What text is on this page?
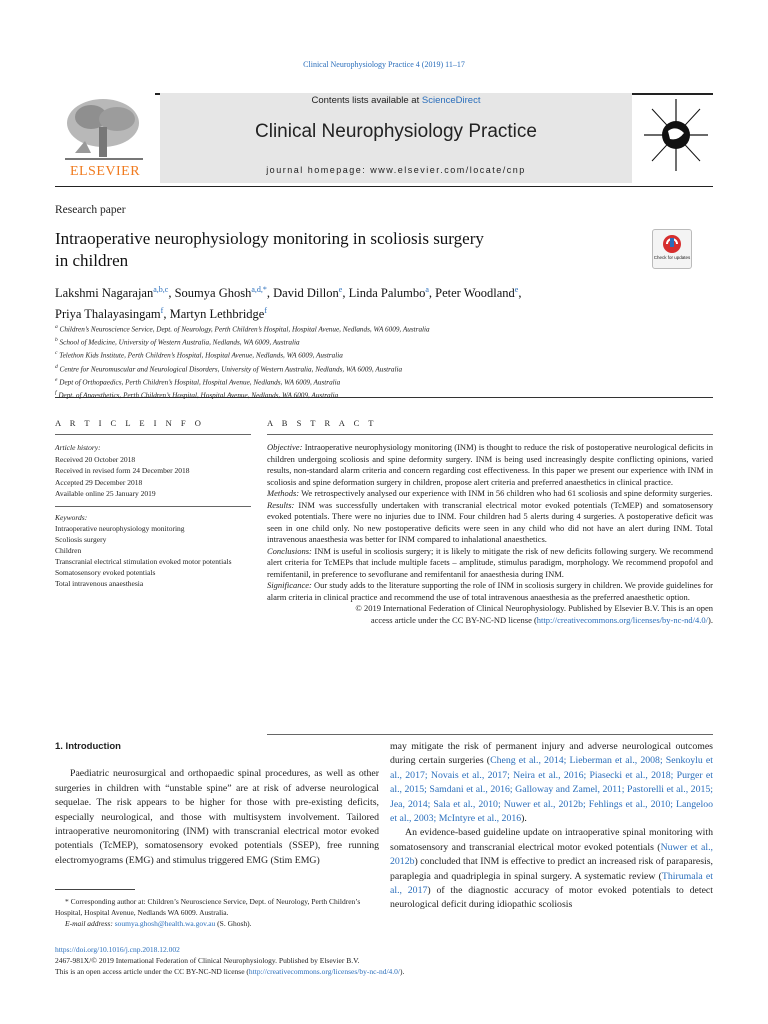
Clinical Neurophysiology Practice 4 (2019) 11–17
ELSEVIER
Contents lists available at ScienceDirect
Clinical Neurophysiology Practice
journal homepage: www.elsevier.com/locate/cnp
Research paper
Intraoperative neurophysiology monitoring in scoliosis surgery
in children	Check for updates
Lakshmi Nagarajan$^{a,b,c}$, Soumya Ghosh$^{a,d,*}$, David Dillon$^e$, Linda Palumbo$^a$, Peter Woodland$^e$,
Priya Thalayasingam$^f$, Martyn Lethbridge$^f$
$^a$ Children’s Neuroscience Service, Dept. of Neurology, Perth Children’s Hospital, Hospital Avenue, Nedlands, WA 6009, Australia
$^b$ School of Medicine, University of Western Australia, Nedlands, WA 6009, Australia
$^c$ Telethon Kids Institute, Perth Children’s Hospital, Hospital Avenue, Nedlands, WA 6009, Australia
$^d$ Centre for Neuromuscular and Neurological Disorders, University of Western Australia, Nedlands, WA 6009, Australia
$^e$ Dept of Orthopaedics, Perth Children’s Hospital, Hospital Avenue, Nedlands, WA 6009, Australia
$^f$ Dept. of Anaesthetics, Perth Children’s Hospital, Hospital Avenue, Nedlands, WA 6009, Australia
A R T I C L E I N F O	A B S T R A C T
Article history:
Received 20 October 2018
Received in revised form 24 December 2018
Accepted 29 December 2018
Available online 25 January 2019
Keywords:
Intraoperative neurophysiology monitoring
Scoliosis surgery
Children
Transcranial electrical stimulation evoked motor potentials
Somatosensory evoked potentials
Total intravenous anaesthesia

Objective: Intraoperative neurophysiology monitoring (INM) is thought to reduce the risk of postoperative neurological deficits in children undergoing scoliosis and spine deformity surgery. INM is being used increasingly despite conflicting opinions, varied results, non-standard alarm criteria and concern regarding cost effectiveness. In this paper we present our experience with INM in scoliosis and spine deformation surgery in children, propose alert criteria and preferred anaesthetics in clinical practice.

Methods: We retrospectively analysed our experience with INM in 56 children who had 61 scoliosis and spine deformity surgeries.

Results: INM was successfully undertaken with transcranial electrical motor evoked potentials (TcMEP) and somatosensory evoked potentials. There were no injuries due to INM. Four children had 5 alerts during 4 surgeries. A postoperative deficit was seen in one child only. No new postoperative deficits were seen in any child who did not have an alert during INM. Total intravenous anaesthesia was better for INM compared to inhalational anaesthetics.

Conclusions: INM is useful in scoliosis surgery; it is likely to mitigate the risk of new deficits following surgery. We recommend alert criteria for TcMEPs that include multiple facets – amplitude, stimulus paradigm, morphology. We recommend propofol and remifentanil, in preference to sevoflurane and remifentanil for anaesthesia during INM.

Significance: Our study adds to the literature supporting the role of INM in scoliosis surgery in children. We provide guidelines for alarm criteria in clinical practice and recommend the use of total intravenous anaesthesia as the preferred anaesthetic option.

© 2019 International Federation of Clinical Neurophysiology. Published by Elsevier B.V. This is an open
access article under the CC BY-NC-ND license (http://creativecommons.org/licenses/by-nc-nd/4.0/).

1. Introduction

Paediatric neurosurgical and orthopaedic spinal procedures, as well as other surgeries in children with “unstable spine” are at risk of adverse neurological sequelae. The risk appears to be higher for those with pre-existing deficits, especially neurological, and those with multisystem involvement. Tailored intraoperative neuromonitoring (INM) with transcranial electrical motor evoked potentials (TcMEP), somatosensory evoked potentials (SSEP), free running electromyograms (EMG) and stimulus triggered EMG (Stim EMG)

may mitigate the risk of permanent injury and adverse neurological outcomes during certain surgeries (Cheng et al., 2014; Lieberman et al., 2008; Senkoylu et al., 2017; Novais et al., 2017; Neira et al., 2016; Piasecki et al., 2018; Purger et al., 2015; Samdani et al., 2016; Galloway and Zamel, 2011; Pastorelli et al., 2015; Jea, 2014; Sala et al., 2010; Nuwer et al., 2012b; Fehlings et al., 2010; Langeloo et al., 2003; McIntyre et al., 2016).

An evidence-based guideline update on intraoperative spinal monitoring with somatosensory and transcranial electrical motor evoked potentials (Nuwer et al., 2012b) concluded that INM is effective to predict an increased risk of paraparesis, paraplegia and quadriplegia in spinal surgery. A systematic review (Thirumala et al., 2017) of the diagnostic accuracy of motor evoked potentials to detect neurological deficit during idiopathic scoliosis

* Corresponding author at: Children’s Neuroscience Service, Dept. of Neurology, Perth Children’s Hospital, Hospital Avenue, Nedlands WA 6009. Australia.
E-mail address: soumya.ghosh@health.wa.gov.au (S. Ghosh).
https://doi.org/10.1016/j.cnp.2018.12.002
2467-981X/© 2019 International Federation of Clinical Neurophysiology. Published by Elsevier B.V.
This is an open access article under the CC BY-NC-ND license (http://creativecommons.org/licenses/by-nc-nd/4.0/).
